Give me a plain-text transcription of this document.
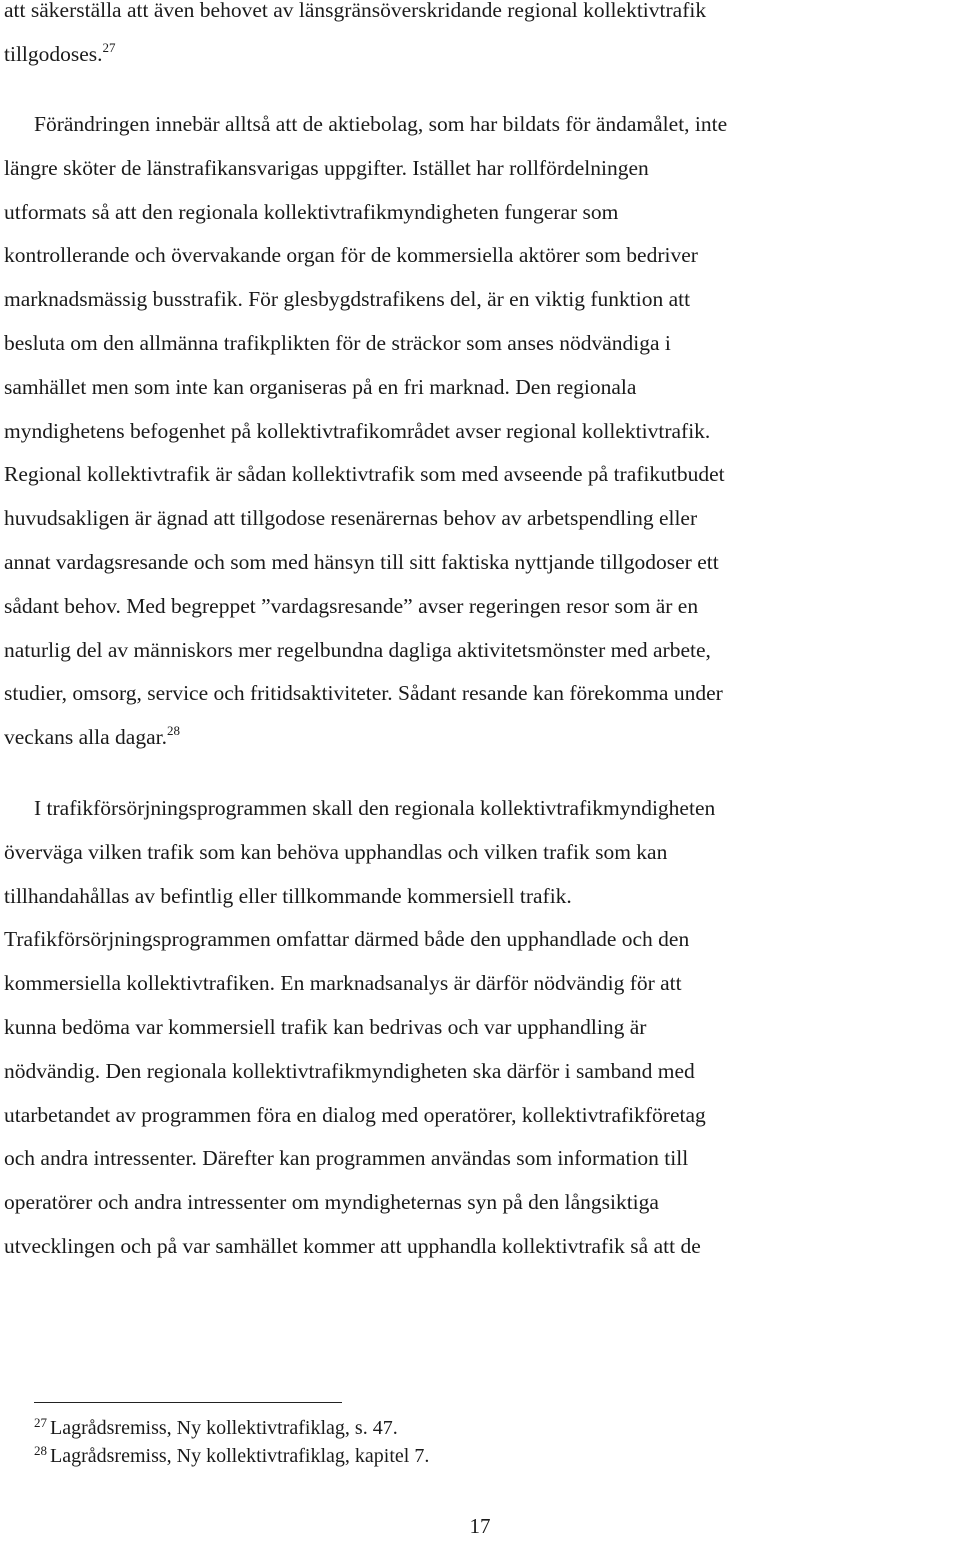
att säkerställa att även behovet av länsgränsöverskridande regional kollektivtrafik
tillgodoses.$^{27}$

Förändringen innebär alltså att de aktiebolag, som har bildats för ändamålet, inte
längre sköter de länstrafikansvarigas uppgifter. Istället har rollfördelningen
utformats så att den regionala kollektivtrafikmyndigheten fungerar som
kontrollerande och övervakande organ för de kommersiella aktörer som bedriver
marknadsmässig busstrafik. För glesbygdstrafikens del, är en viktig funktion att
besluta om den allmänna trafikplikten för de sträckor som anses nödvändiga i
samhället men som inte kan organiseras på en fri marknad. Den regionala
myndighetens befogenhet på kollektivtrafikområdet avser regional kollektivtrafik.
Regional kollektivtrafik är sådan kollektivtrafik som med avseende på trafikutbudet
huvudsakligen är ägnad att tillgodose resenärernas behov av arbetspendling eller
annat vardagsresande och som med hänsyn till sitt faktiska nyttjande tillgodoser ett
sådant behov. Med begreppet ”vardagsresande” avser regeringen resor som är en
naturlig del av människors mer regelbundna dagliga aktivitetsmönster med arbete,
studier, omsorg, service och fritidsaktiviteter. Sådant resande kan förekomma under
veckans alla dagar.$^{28}$

I trafikförsörjningsprogrammen skall den regionala kollektivtrafikmyndigheten
överväga vilken trafik som kan behöva upphandlas och vilken trafik som kan
tillhandahållas av befintlig eller tillkommande kommersiell trafik.
Trafikförsörjningsprogrammen omfattar därmed både den upphandlade och den
kommersiella kollektivtrafiken. En marknadsanalys är därför nödvändig för att
kunna bedöma var kommersiell trafik kan bedrivas och var upphandling är
nödvändig. Den regionala kollektivtrafikmyndigheten ska därför i samband med
utarbetandet av programmen föra en dialog med operatörer, kollektivtrafikföretag
och andra intressenter. Därefter kan programmen användas som information till
operatörer och andra intressenter om myndigheternas syn på den långsiktiga
utvecklingen och på var samhället kommer att upphandla kollektivtrafik så att de

$^{27}$ Lagrådsremiss, Ny kollektivtrafiklag, s. 47.
$^{28}$ Lagrådsremiss, Ny kollektivtrafiklag, kapitel 7.
17
